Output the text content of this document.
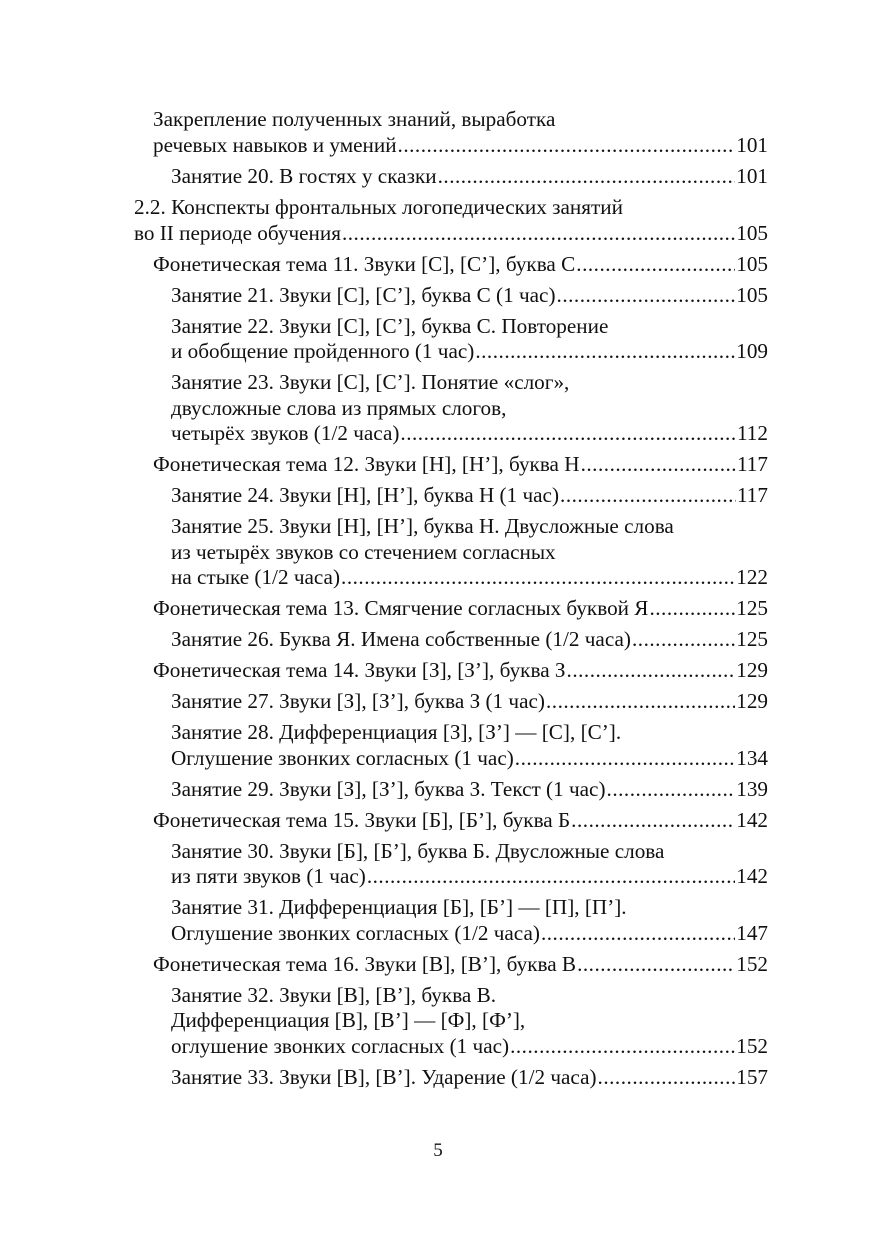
Закрепление полученных знаний, выработка
речевых навыков и умений .....	101
Занятие 20. В гостях у сказки .....	101
2.2. Конспекты фронтальных логопедических занятий
во II периоде обучения .....	105
Фонетическая тема 11. Звуки [С], [С’], буква С .....	105
Занятие 21. Звуки [С], [С’], буква С (1 час) .....	105
Занятие 22. Звуки [С], [С’], буква С. Повторение
и обобщение пройденного (1 час) .....	109
Занятие 23. Звуки [С], [С’]. Понятие «слог»,
двусложные слова из прямых слогов,
четырёх звуков (1/2 часа) .....	112
Фонетическая тема 12. Звуки [Н], [Н’], буква Н .....	117
Занятие 24. Звуки [Н], [Н’], буква Н (1 час) .....	117
Занятие 25. Звуки [Н], [Н’], буква Н. Двусложные слова
из четырёх звуков со стечением согласных
на стыке (1/2 часа) .....	122
Фонетическая тема 13. Смягчение согласных буквой Я .....	125
Занятие 26. Буква Я. Имена собственные (1/2 часа) .....	125
Фонетическая тема 14. Звуки [З], [З’], буква З .....	129
Занятие 27. Звуки [З], [З’], буква З (1 час) .....	129
Занятие 28. Дифференциация [З], [З’] — [С], [С’].
Оглушение звонких согласных (1 час) .....	134
Занятие 29. Звуки [З], [З’], буква З. Текст (1 час) .....	139
Фонетическая тема 15. Звуки [Б], [Б’], буква Б .....	142
Занятие 30. Звуки [Б], [Б’], буква Б. Двусложные слова
из пяти звуков (1 час) .....	142
Занятие 31. Дифференциация [Б], [Б’] — [П], [П’].
Оглушение звонких согласных (1/2 часа) .....	147
Фонетическая тема 16. Звуки [В], [В’], буква В .....	152
Занятие 32. Звуки [В], [В’], буква В.
Дифференциация [В], [В’] — [Ф], [Ф’],
оглушение звонких согласных (1 час) .....	152
Занятие 33. Звуки [В], [В’]. Ударение (1/2 часа) .....	157
5
